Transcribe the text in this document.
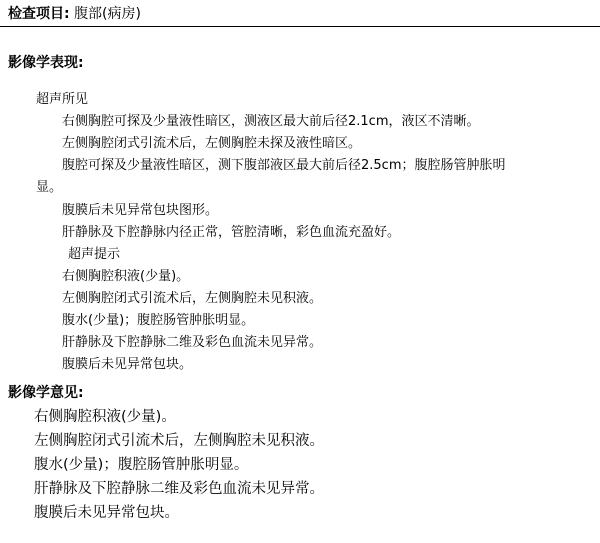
检查项目: 腹部(病房)
影像学表现:
超声所见
右侧胸腔可探及少量液性暗区，测液区最大前后径2.1cm，液区不清晰。
左侧胸腔闭式引流术后，左侧胸腔未探及液性暗区。
腹腔可探及少量液性暗区，测下腹部液区最大前后径2.5cm；腹腔肠管肿胀明
显。
腹膜后未见异常包块图形。
肝静脉及下腔静脉内径正常，管腔清晰，彩色血流充盈好。
超声提示
右侧胸腔积液(少量)。
左侧胸腔闭式引流术后，左侧胸腔未见积液。
腹水(少量)；腹腔肠管肿胀明显。
肝静脉及下腔静脉二维及彩色血流未见异常。
腹膜后未见异常包块。
影像学意见:
右侧胸腔积液(少量)。
左侧胸腔闭式引流术后，左侧胸腔未见积液。
腹水(少量)；腹腔肠管肿胀明显。
肝静脉及下腔静脉二维及彩色血流未见异常。
腹膜后未见异常包块。
